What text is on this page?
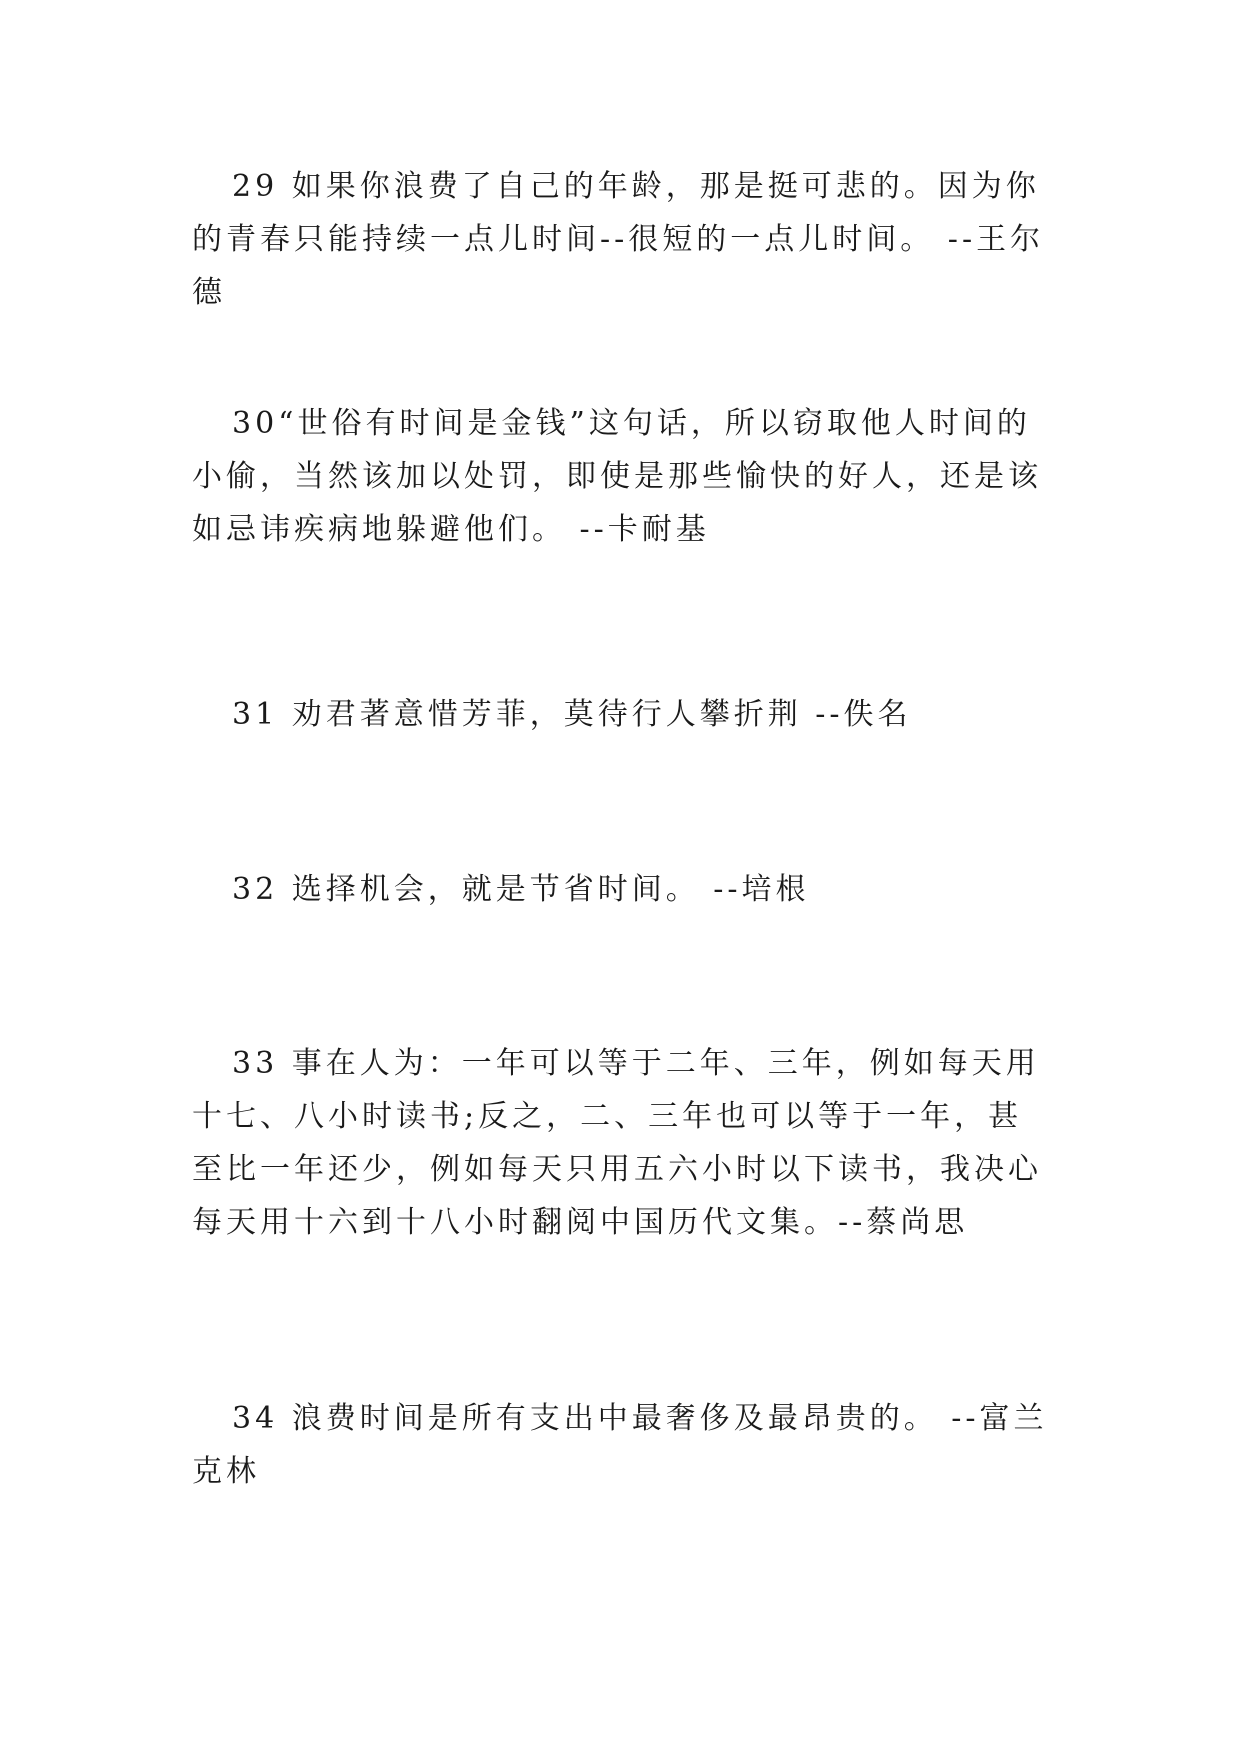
29 如果你浪费了自己的年龄，那是挺可悲的。因为你的青春只能持续一点儿时间--很短的一点儿时间。 --王尔德

30“世俗有时间是金钱”这句话，所以窃取他人时间的小偷，当然该加以处罚，即使是那些愉快的好人，还是该如忌讳疾病地躲避他们。 --卡耐基

31 劝君著意惜芳菲，莫待行人攀折荆 --佚名

32 选择机会，就是节省时间。 --培根

33 事在人为：一年可以等于二年、三年，例如每天用十七、八小时读书;反之，二、三年也可以等于一年，甚至比一年还少，例如每天只用五六小时以下读书，我决心每天用十六到十八小时翻阅中国历代文集。--蔡尚思

34 浪费时间是所有支出中最奢侈及最昂贵的。 --富兰克林
